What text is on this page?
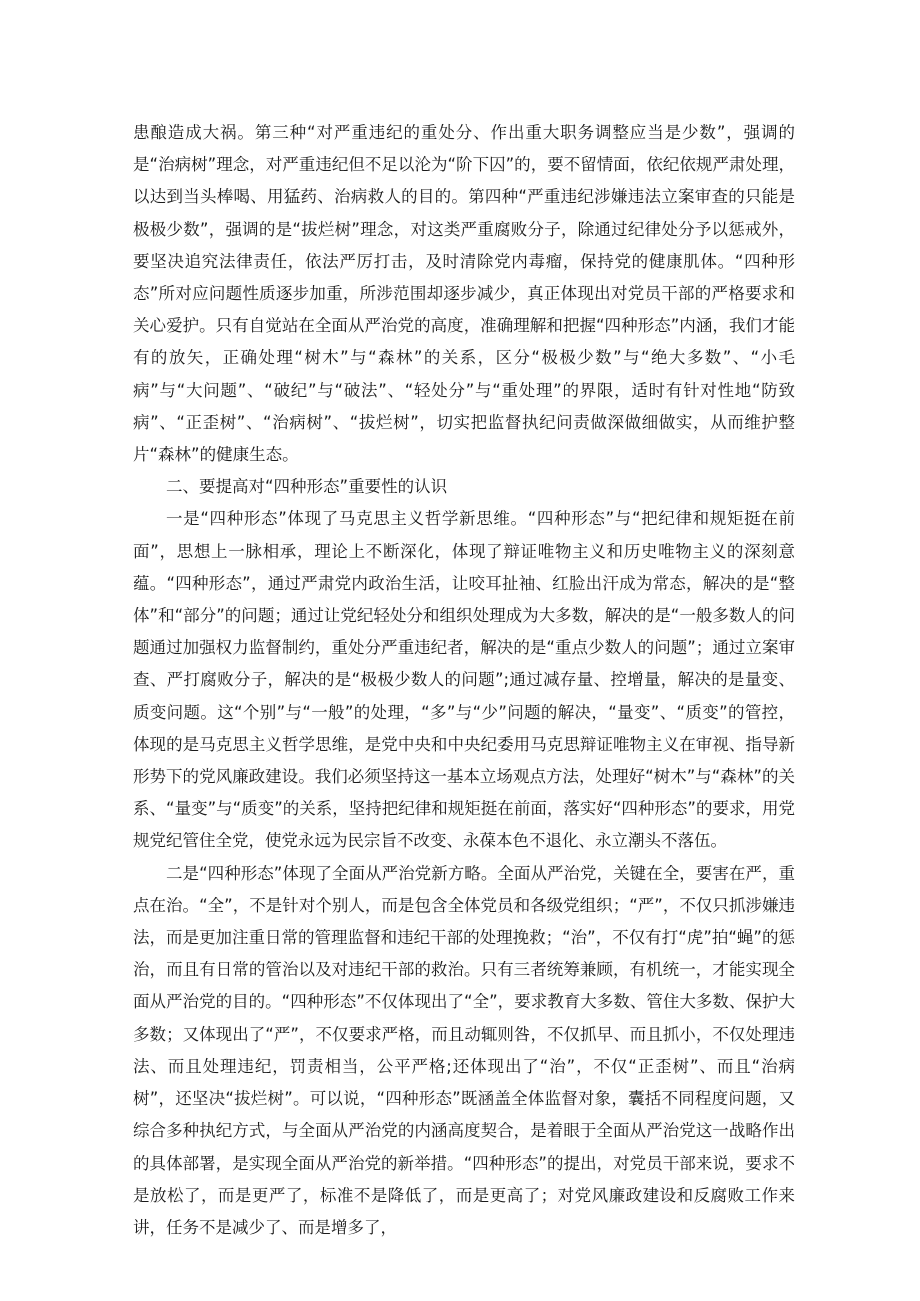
患酿造成大祸。第三种“对严重违纪的重处分、作出重大职务调整应当是少数”，强调的是“治病树”理念，对严重违纪但不足以沦为“阶下囚”的，要不留情面，依纪依规严肃处理，以达到当头棒喝、用猛药、治病救人的目的。第四种“严重违纪涉嫌违法立案审查的只能是极极少数”，强调的是“拔烂树”理念，对这类严重腐败分子，除通过纪律处分予以惩戒外，要坚决追究法律责任，依法严厉打击，及时清除党内毒瘤，保持党的健康肌体。“四种形态”所对应问题性质逐步加重，所涉范围却逐步减少，真正体现出对党员干部的严格要求和关心爱护。只有自觉站在全面从严治党的高度，准确理解和把握“四种形态”内涵，我们才能有的放矢，正确处理“树木”与“森林”的关系，区分“极极少数”与“绝大多数”、“小毛病”与“大问题”、“破纪”与“破法”、“轻处分”与“重处理”的界限，适时有针对性地“防致病”、“正歪树”、“治病树”、“拔烂树”，切实把监督执纪问责做深做细做实，从而维护整片“森林”的健康生态。

二、要提高对“四种形态”重要性的认识

一是“四种形态”体现了马克思主义哲学新思维。“四种形态”与“把纪律和规矩挺在前面”，思想上一脉相承，理论上不断深化，体现了辩证唯物主义和历史唯物主义的深刻意蕴。“四种形态”，通过严肃党内政治生活，让咬耳扯袖、红脸出汗成为常态，解决的是“整体”和“部分”的问题；通过让党纪轻处分和组织处理成为大多数，解决的是“一般多数人的问题通过加强权力监督制约，重处分严重违纪者，解决的是“重点少数人的问题”；通过立案审查、严打腐败分子，解决的是“极极少数人的问题”;通过减存量、控增量，解决的是量变、质变问题。这“个别”与“一般”的处理，“多”与“少”问题的解决，“量变”、“质变”的管控，体现的是马克思主义哲学思维，是党中央和中央纪委用马克思辩证唯物主义在审视、指导新形势下的党风廉政建设。我们必须坚持这一基本立场观点方法，处理好“树木”与“森林”的关系、“量变”与“质变”的关系，坚持把纪律和规矩挺在前面，落实好“四种形态”的要求，用党规党纪管住全党，使党永远为民宗旨不改变、永葆本色不退化、永立潮头不落伍。

二是“四种形态”体现了全面从严治党新方略。全面从严治党，关键在全，要害在严，重点在治。“全”，不是针对个别人，而是包含全体党员和各级党组织；“严”，不仅只抓涉嫌违法，而是更加注重日常的管理监督和违纪干部的处理挽救；“治”，不仅有打“虎”拍“蝇”的惩治，而且有日常的管治以及对违纪干部的救治。只有三者统筹兼顾，有机统一，才能实现全面从严治党的目的。“四种形态”不仅体现出了“全”，要求教育大多数、管住大多数、保护大多数；又体现出了“严”，不仅要求严格，而且动辄则咎，不仅抓早、而且抓小，不仅处理违法、而且处理违纪，罚责相当，公平严格;还体现出了“治”，不仅“正歪树”、而且“治病树”，还坚决“拔烂树”。可以说，“四种形态”既涵盖全体监督对象，囊括不同程度问题，又综合多种执纪方式，与全面从严治党的内涵高度契合，是着眼于全面从严治党这一战略作出的具体部署，是实现全面从严治党的新举措。“四种形态”的提出，对党员干部来说，要求不是放松了，而是更严了，标准不是降低了，而是更高了；对党风廉政建设和反腐败工作来讲，任务不是减少了、而是增多了，
